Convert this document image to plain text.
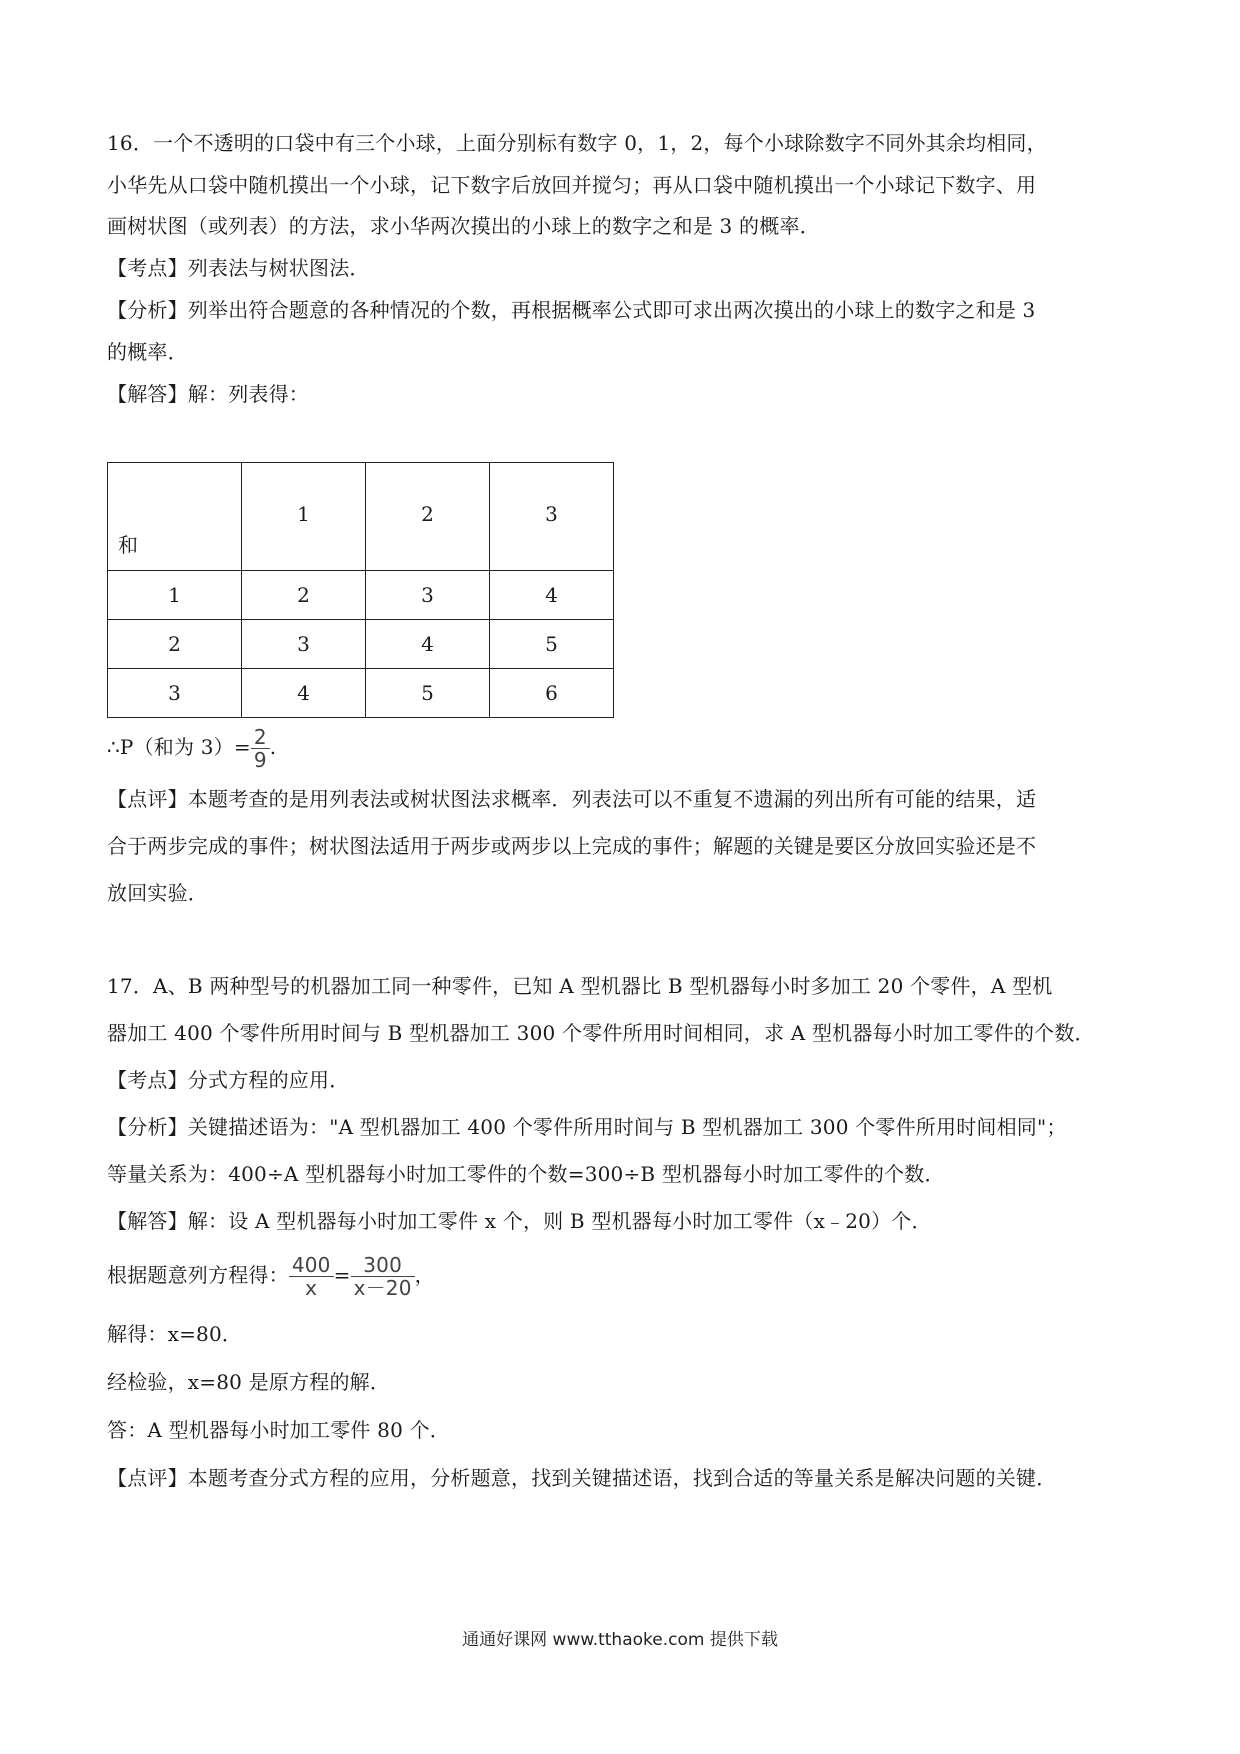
16．一个不透明的口袋中有三个小球，上面分别标有数字 0，1，2，每个小球除数字不同外其余均相同，
小华先从口袋中随机摸出一个小球，记下数字后放回并搅匀；再从口袋中随机摸出一个小球记下数字、用
画树状图（或列表）的方法，求小华两次摸出的小球上的数字之和是 3 的概率．
【考点】列表法与树状图法．
【分析】列举出符合题意的各种情况的个数，再根据概率公式即可求出两次摸出的小球上的数字之和是 3
的概率．
【解答】解：列表得：
和	1	2	3
1	2	3	4
2	3	4	5
3	4	5	6
∴P（和为 $3)= \frac{2}{9}$ .
【点评】本题考查的是用列表法或树状图法求概率．列表法可以不重复不遗漏的列出所有可能的结果，适
合于两步完成的事件；树状图法适用于两步或两步以上完成的事件；解题的关键是要区分放回实验还是不
放回实验．
17．A、B 两种型号的机器加工同一种零件，已知 A 型机器比 B 型机器每小时多加工 20 个零件，A 型机
器加工 400 个零件所用时间与 B 型机器加工 300 个零件所用时间相同，求 A 型机器每小时加工零件的个数．
【考点】分式方程的应用．
【分析】关键描述语为："A 型机器加工 400 个零件所用时间与 B 型机器加工 300 个零件所用时间相同"；
等量关系为：400÷A 型机器每小时加工零件的个数=300÷B 型机器每小时加工零件的个数．
【解答】解：设 A 型机器每小时加工零件 x 个，则 B 型机器每小时加工零件（x﹣20）个．
根据题意列方程得： $\frac{400}{x} = \frac{300}{x-20}$ ，
解得：x=80．
经检验，x=80 是原方程的解．
答：A 型机器每小时加工零件 80 个．
【点评】本题考查分式方程的应用，分析题意，找到关键描述语，找到合适的等量关系是解决问题的关键．
通通好课网 www.tthaoke.com 提供下载
